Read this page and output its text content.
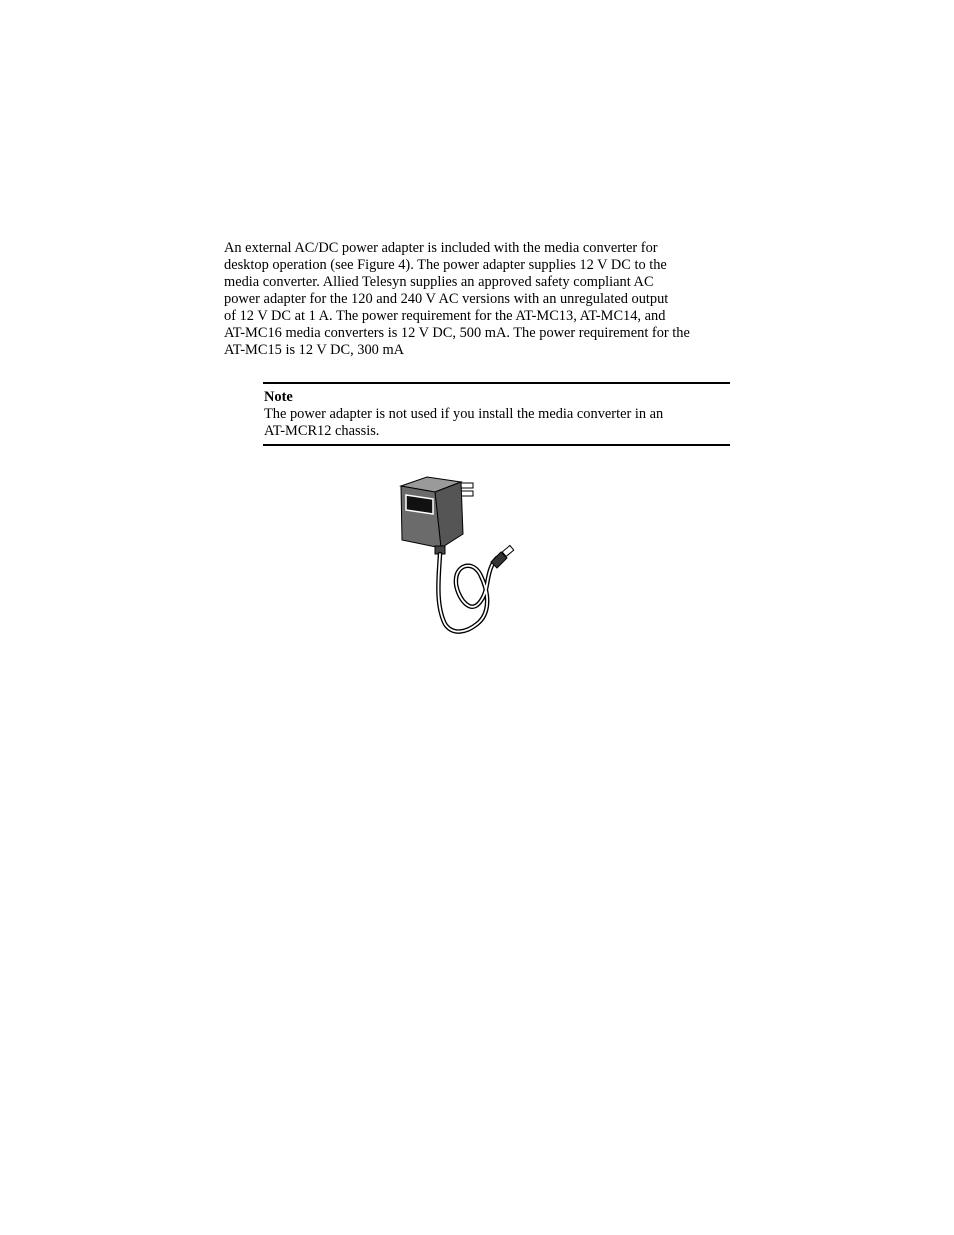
An external AC/DC power adapter is included with the media converter for
desktop operation (see Figure 4). The power adapter supplies 12 V DC to the
media converter. Allied Telesyn supplies an approved safety compliant AC
power adapter for the 120 and 240 V AC versions with an unregulated output
of 12 V DC at 1 A. The power requirement for the AT-MC13, AT-MC14, and
AT-MC16 media converters is 12 V DC, 500 mA. The power requirement for the
AT-MC15 is 12 V DC, 300 mA
Note
The power adapter is not used if you install the media converter in an
AT-MCR12 chassis.
